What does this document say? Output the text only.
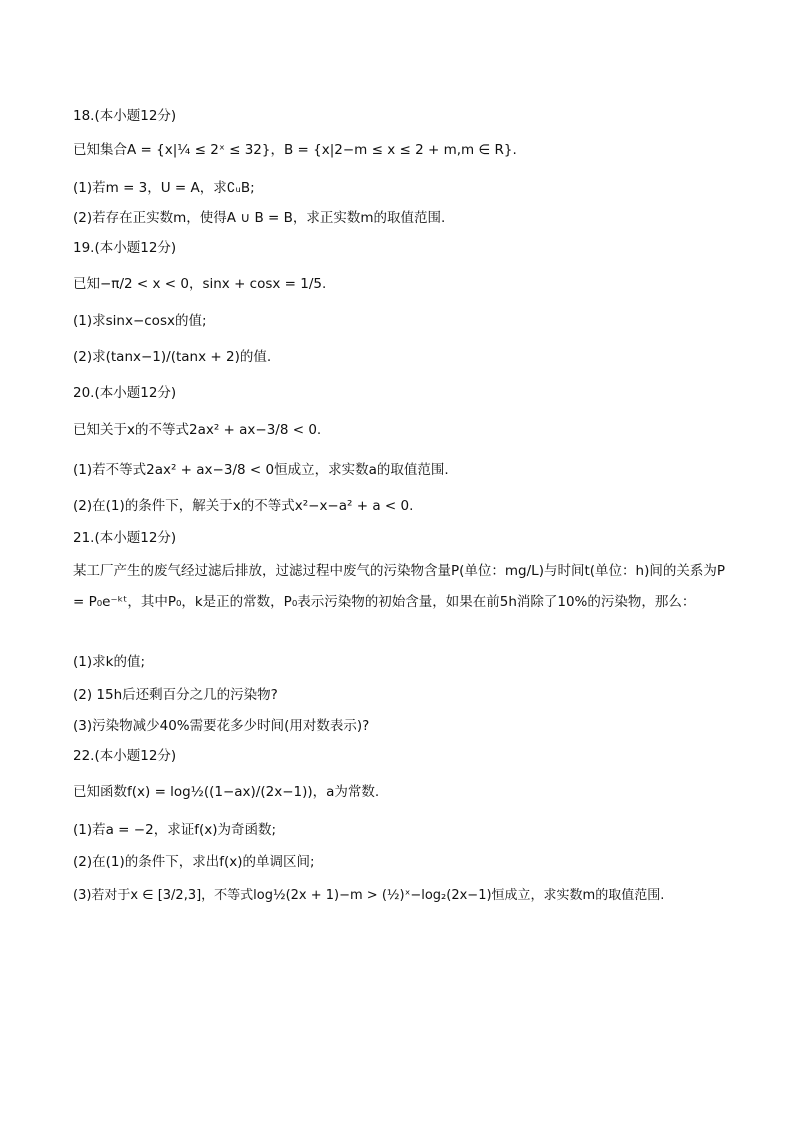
18.(本小题12分)
已知集合A = {x|¼ ≤ 2ˣ ≤ 32}，B = {x|2−m ≤ x ≤ 2 + m,m ∈ R}.
(1)若m = 3，U = A，求∁ᵤB;
(2)若存在正实数m，使得A ∪ B = B，求正实数m的取值范围.
19.(本小题12分)
已知−π/2 < x < 0，sinx + cosx = 1/5.
(1)求sinx−cosx的值;
(2)求(tanx−1)/(tanx + 2)的值.
20.(本小题12分)
已知关于x的不等式2ax² + ax−3/8 < 0.
(1)若不等式2ax² + ax−3/8 < 0恒成立，求实数a的取值范围.
(2)在(1)的条件下，解关于x的不等式x²−x−a² + a < 0.
21.(本小题12分)
某工厂产生的废气经过滤后排放，过滤过程中废气的污染物含量P(单位：mg/L)与时间t(单位：h)间的关系为P = P₀e⁻ᵏᵗ，其中P₀，k是正的常数，P₀表示污染物的初始含量，如果在前5h消除了10%的污染物，那么：
(1)求k的值;
(2) 15h后还剩百分之几的污染物?
(3)污染物减少40%需要花多少时间(用对数表示)?
22.(本小题12分)
已知函数f(x) = log½((1−ax)/(2x−1))，a为常数.
(1)若a = −2，求证f(x)为奇函数;
(2)在(1)的条件下，求出f(x)的单调区间;
(3)若对于x ∈ [3/2,3]，不等式log½(2x + 1)−m > (½)ˣ−log₂(2x−1)恒成立，求实数m的取值范围.
